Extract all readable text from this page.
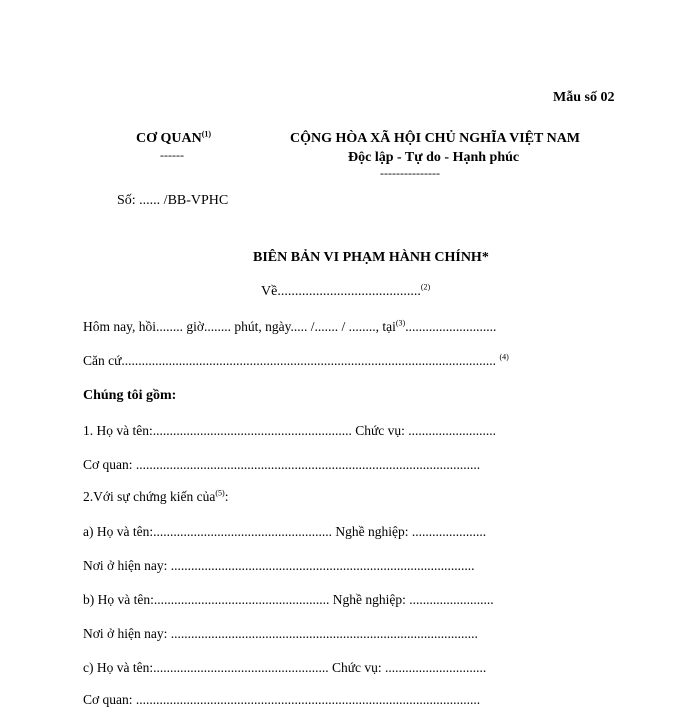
Mẫu số 02
CƠ QUAN$^{(1)}$
------
CỘNG HÒA XÃ HỘI CHỦ NGHĨA VIỆT NAM
Độc lập - Tự do - Hạnh phúc
---------------
Số: ...... /BB-VPHC
BIÊN BẢN VI PHẠM HÀNH CHÍNH*
Về.........................................$^{(2)}$
Hôm nay, hồi........ giờ........ phút, ngày..... /....... / ........, tại$^{(3)}$...........................
Căn cứ............................................................................................................... $^{(4)}$
Chúng tôi gồm:
1. Họ và tên:........................................................... Chức vụ: ..........................
Cơ quan: ......................................................................................................
2.Với sự chứng kiến của$^{(5)}$:
a) Họ và tên:..................................................... Nghề nghiệp: ......................
Nơi ở hiện nay: ..........................................................................................
b) Họ và tên:.................................................... Nghề nghiệp: .........................
Nơi ở hiện nay: ...........................................................................................
c) Họ và tên:.................................................... Chức vụ: ..............................
Cơ quan: ......................................................................................................
